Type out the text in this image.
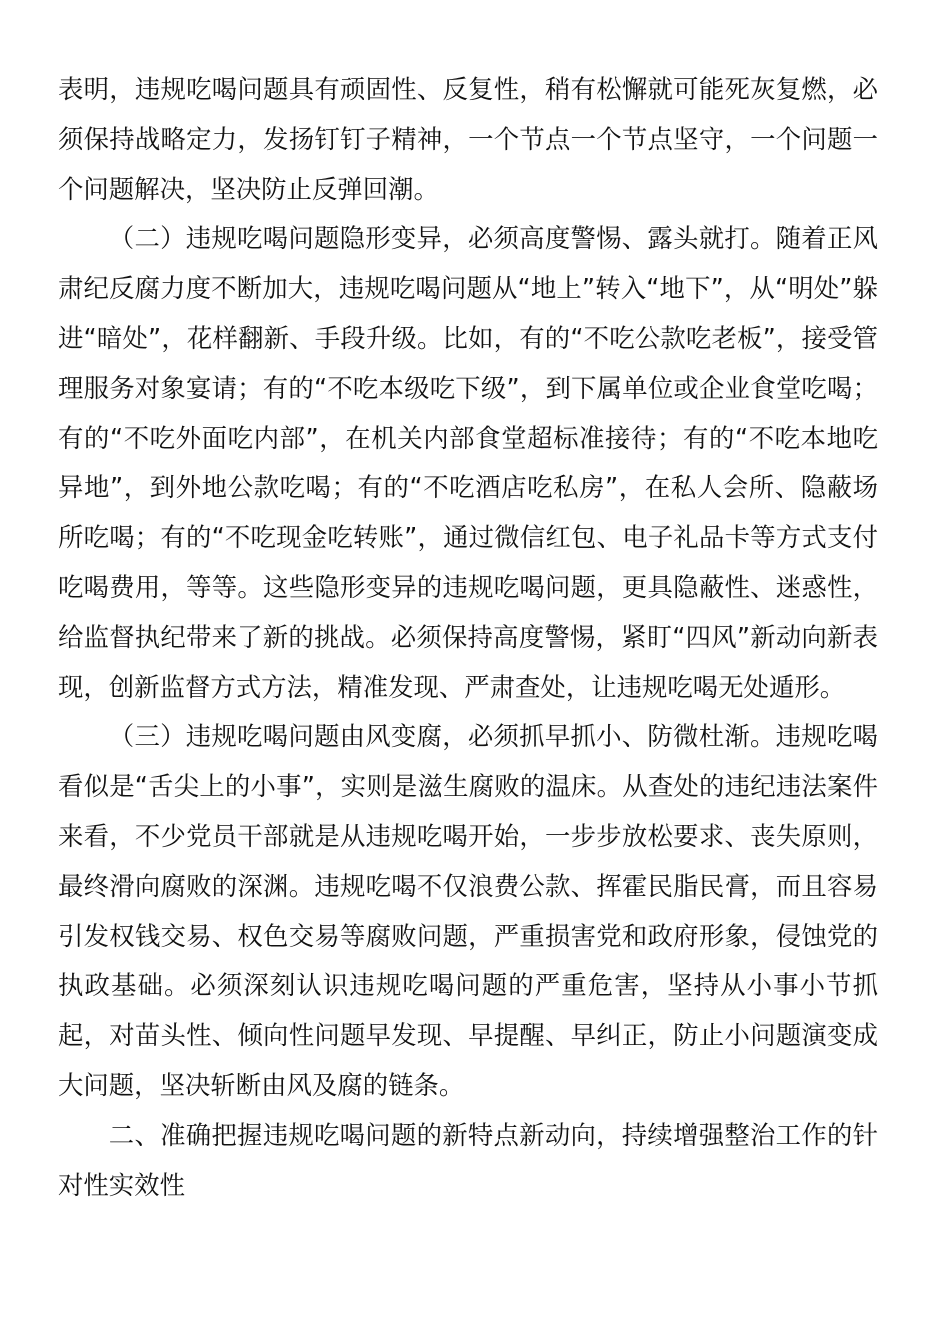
表明，违规吃喝问题具有顽固性、反复性，稍有松懈就可能死灰复燃，必须保持战略定力，发扬钉钉子精神，一个节点一个节点坚守，一个问题一个问题解决，坚决防止反弹回潮。

（二）违规吃喝问题隐形变异，必须高度警惕、露头就打。随着正风肃纪反腐力度不断加大，违规吃喝问题从“地上”转入“地下”，从“明处”躲进“暗处”，花样翻新、手段升级。比如，有的“不吃公款吃老板”，接受管理服务对象宴请；有的“不吃本级吃下级”，到下属单位或企业食堂吃喝；有的“不吃外面吃内部”，在机关内部食堂超标准接待；有的“不吃本地吃异地”，到外地公款吃喝；有的“不吃酒店吃私房”，在私人会所、隐蔽场所吃喝；有的“不吃现金吃转账”，通过微信红包、电子礼品卡等方式支付吃喝费用，等等。这些隐形变异的违规吃喝问题，更具隐蔽性、迷惑性，给监督执纪带来了新的挑战。必须保持高度警惕，紧盯“四风”新动向新表现，创新监督方式方法，精准发现、严肃查处，让违规吃喝无处遁形。

（三）违规吃喝问题由风变腐，必须抓早抓小、防微杜渐。违规吃喝看似是“舌尖上的小事”，实则是滋生腐败的温床。从查处的违纪违法案件来看，不少党员干部就是从违规吃喝开始，一步步放松要求、丧失原则，最终滑向腐败的深渊。违规吃喝不仅浪费公款、挥霍民脂民膏，而且容易引发权钱交易、权色交易等腐败问题，严重损害党和政府形象，侵蚀党的执政基础。必须深刻认识违规吃喝问题的严重危害，坚持从小事小节抓起，对苗头性、倾向性问题早发现、早提醒、早纠正，防止小问题演变成大问题，坚决斩断由风及腐的链条。

二、准确把握违规吃喝问题的新特点新动向，持续增强整治工作的针对性实效性
